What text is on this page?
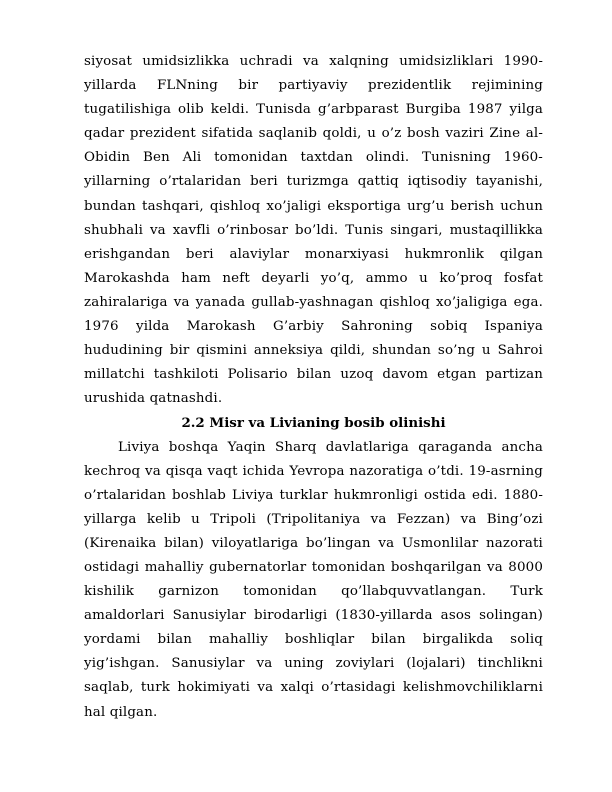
siyosat umidsizlikka uchradi va xalqning umidsizliklari 1990-yillarda FLNning bir partiyaviy prezidentlik rejimining tugatilishiga olib keldi. Tunisda g’arbparast Burgiba 1987 yilga qadar prezident sifatida saqlanib qoldi, u o’z bosh vaziri Zine al-Obidin Ben Ali tomonidan taxtdan olindi. Tunisning 1960-yillarning o’rtalaridan beri turizmga qattiq iqtisodiy tayanishi, bundan tashqari, qishloq xo’jaligi eksportiga urg’u berish uchun shubhali va xavfli o’rinbosar bo’ldi. Tunis singari, mustaqillikka erishgandan beri alaviylar monarxiyasi hukmronlik qilgan Marokashda ham neft deyarli yo’q, ammo u ko’proq fosfat zahiralariga va yanada gullab-yashnagan qishloq xo’jaligiga ega. 1976 yilda Marokash G’arbiy Sahroning sobiq Ispaniya hududining bir qismini anneksiya qildi, shundan so’ng u Sahroi millatchi tashkiloti Polisario bilan uzoq davom etgan partizan urushida qatnashdi.

2.2 Misr va Livianing bosib olinishi

Liviya boshqa Yaqin Sharq davlatlariga qaraganda ancha kechroq va qisqa vaqt ichida Yevropa nazoratiga o’tdi. 19-asrning o’rtalaridan boshlab Liviya turklar hukmronligi ostida edi. 1880-yillarga kelib u Tripoli (Tripolitaniya va Fezzan) va Bing’ozi (Kirenaika bilan) viloyatlariga bo’lingan va Usmonlilar nazorati ostidagi mahalliy gubernatorlar tomonidan boshqarilgan va 8000 kishilik garnizon tomonidan qo’llabquvvatlangan. Turk amaldorlari Sanusiylar birodarligi (1830-yillarda asos solingan) yordami bilan mahalliy boshliqlar bilan birgalikda soliq yig’ishgan. Sanusiylar va uning zoviylari (lojalari) tinchlikni saqlab, turk hokimiyati va xalqi o’rtasidagi kelishmovchiliklarni hal qilgan.
